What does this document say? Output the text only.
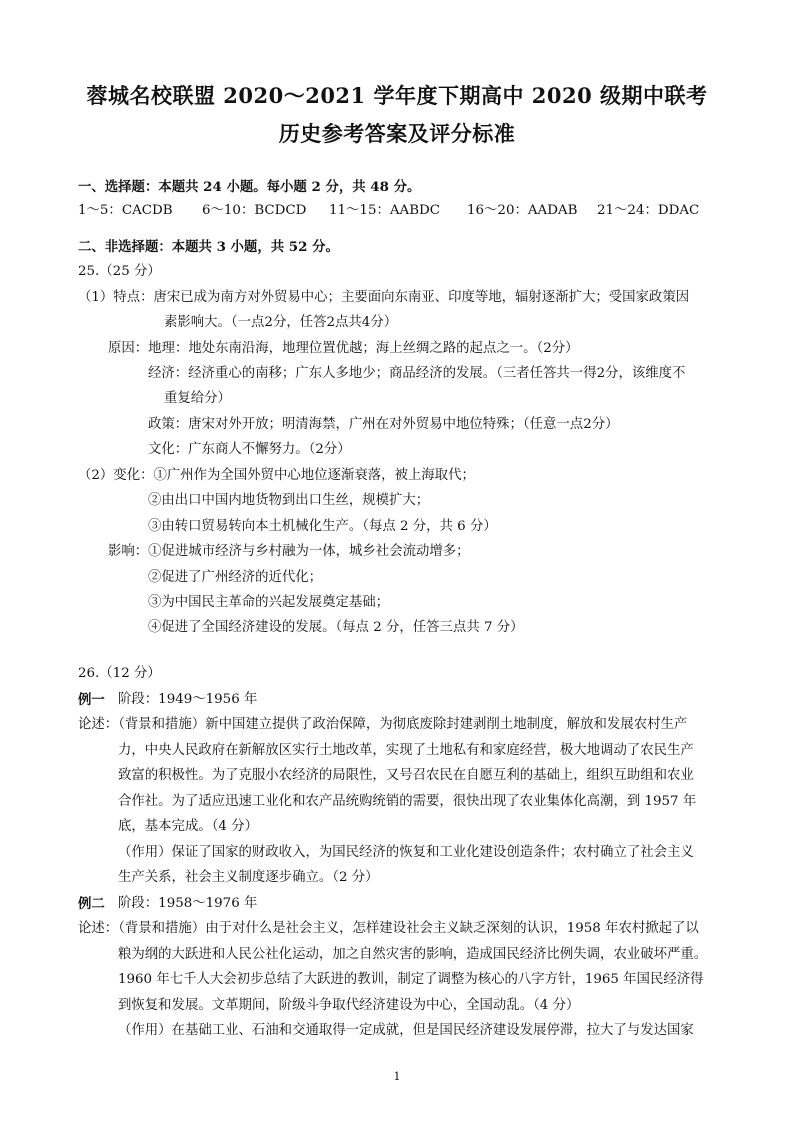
蓉城名校联盟 2020～2021 学年度下期高中 2020 级期中联考
历史参考答案及评分标准
一、选择题：本题共 24 小题。每小题 2 分，共 48 分。
1～5：CACDB 6～10：BCDCD 11～15：AABDC 16～20：AADAB 21～24：DDAC
二、非选择题：本题共 3 小题，共 52 分。
25.（25 分）
（1）特点：唐宋已成为南方对外贸易中心；主要面向东南亚、印度等地，辐射逐渐扩大；受国家政策因
素影响大。（一点2分，任答2点共4分）
原因：地理：地处东南沿海，地理位置优越；海上丝绸之路的起点之一。（2分）
经济：经济重心的南移；广东人多地少；商品经济的发展。（三者任答共一得2分，该维度不
重复给分）
政策：唐宋对外开放；明清海禁，广州在对外贸易中地位特殊；（任意一点2分）
文化：广东商人不懈努力。（2分）
（2）变化：①广州作为全国外贸中心地位逐渐衰落，被上海取代；
②由出口中国内地货物到出口生丝，规模扩大；
③由转口贸易转向本土机械化生产。（每点 2 分，共 6 分）
影响：①促进城市经济与乡村融为一体，城乡社会流动增多；
②促进了广州经济的近代化；
③为中国民主革命的兴起发展奠定基础；
④促进了全国经济建设的发展。（每点 2 分，任答三点共 7 分）
26.（12 分）
例一 阶段：1949～1956 年
论述：（背景和措施）新中国建立提供了政治保障，为彻底废除封建剥削土地制度，解放和发展农村生产
力，中央人民政府在新解放区实行土地改革，实现了土地私有和家庭经营，极大地调动了农民生产
致富的积极性。为了克服小农经济的局限性，又号召农民在自愿互利的基础上，组织互助组和农业
合作社。为了适应迅速工业化和农产品统购统销的需要，很快出现了农业集体化高潮，到 1957 年
底，基本完成。（4 分）
（作用）保证了国家的财政收入，为国民经济的恢复和工业化建设创造条件；农村确立了社会主义
生产关系，社会主义制度逐步确立。（2 分）
例二 阶段：1958～1976 年
论述：（背景和措施）由于对什么是社会主义，怎样建设社会主义缺乏深刻的认识，1958 年农村掀起了以
粮为纲的大跃进和人民公社化运动，加之自然灾害的影响，造成国民经济比例失调，农业破坏严重。
1960 年七千人大会初步总结了大跃进的教训，制定了调整为核心的八字方针，1965 年国民经济得
到恢复和发展。文革期间，阶级斗争取代经济建设为中心，全国动乱。（4 分）
（作用）在基础工业、石油和交通取得一定成就，但是国民经济建设发展停滞，拉大了与发达国家
1
